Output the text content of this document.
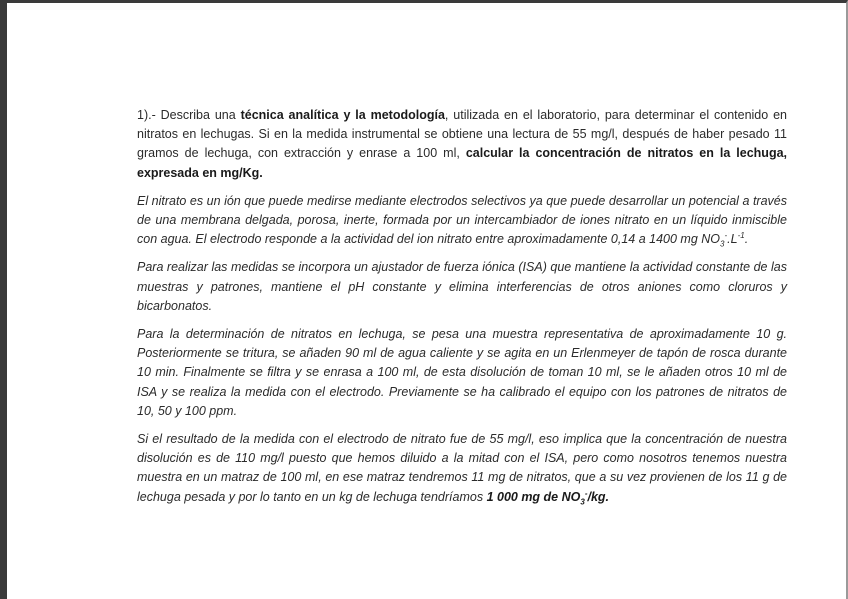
1).- Describa una técnica analítica y la metodología, utilizada en el laboratorio, para determinar el contenido en nitratos en lechugas. Si en la medida instrumental se obtiene una lectura de 55 mg/l, después de haber pesado 11 gramos de lechuga, con extracción y enrase a 100 ml, calcular la concentración de nitratos en la lechuga, expresada en mg/Kg.

El nitrato es un ión que puede medirse mediante electrodos selectivos ya que puede desarrollar un potencial a través de una membrana delgada, porosa, inerte, formada por un intercambiador de iones nitrato en un líquido inmiscible con agua. El electrodo responde a la actividad del ion nitrato entre aproximadamente 0,14 a 1400 mg $NO_3^-.L^{-1}$.

Para realizar las medidas se incorpora un ajustador de fuerza iónica (ISA) que mantiene la actividad constante de las muestras y patrones, mantiene el pH constante y elimina interferencias de otros aniones como cloruros y bicarbonatos.

Para la determinación de nitratos en lechuga, se pesa una muestra representativa de aproximadamente 10 g. Posteriormente se tritura, se añaden 90 ml de agua caliente y se agita en un Erlenmeyer de tapón de rosca durante 10 min. Finalmente se filtra y se enrasa a 100 ml, de esta disolución de toman 10 ml, se le añaden otros 10 ml de ISA y se realiza la medida con el electrodo. Previamente se ha calibrado el equipo con los patrones de nitratos de 10, 50 y 100 ppm.

Si el resultado de la medida con el electrodo de nitrato fue de 55 mg/l, eso implica que la concentración de nuestra disolución es de 110 mg/l puesto que hemos diluido a la mitad con el ISA, pero como nosotros tenemos nuestra muestra en un matraz de 100 ml, en ese matraz tendremos 11 mg de nitratos, que a su vez provienen de los 11 g de lechuga pesada y por lo tanto en un kg de lechuga tendríamos 1 000 mg de $NO_3^-/kg$.
